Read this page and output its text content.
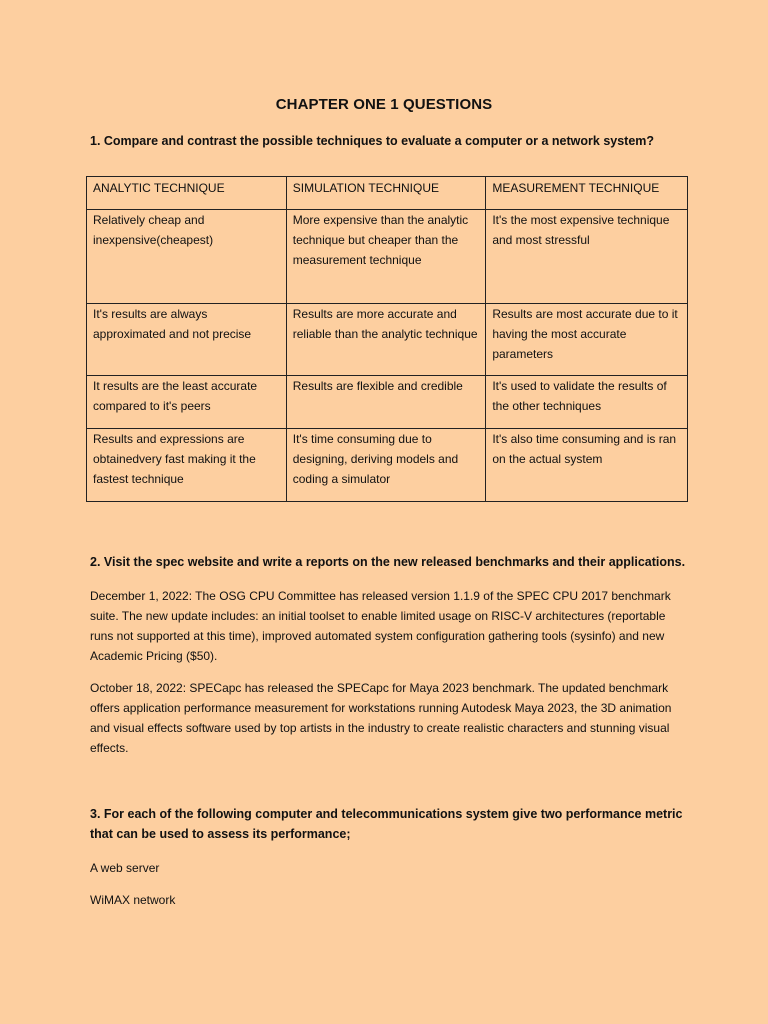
CHAPTER ONE 1 QUESTIONS
1. Compare and contrast the possible techniques to evaluate a computer or a network system?
ANALYTIC TECHNIQUE	SIMULATION TECHNIQUE	MEASUREMENT TECHNIQUE
Relatively cheap and inexpensive(cheapest)	More expensive than the analytic technique but cheaper than the measurement technique	It's the most expensive technique and most stressful
It's results are always approximated and not precise	Results are more accurate and reliable than the analytic technique	Results are most accurate due to it having the most accurate parameters
It results are the least accurate compared to it's peers	Results are flexible and credible	It's used to validate the results of the other techniques
Results and expressions are obtainedvery fast making it the fastest technique	It's time consuming due to designing, deriving models and coding a simulator	It's also time consuming and is ran on the actual system
2. Visit the spec website and write a reports on the new released benchmarks and their applications.
December 1, 2022: The OSG CPU Committee has released version 1.1.9 of the SPEC CPU 2017 benchmark suite. The new update includes: an initial toolset to enable limited usage on RISC-V architectures (reportable runs not supported at this time), improved automated system configuration gathering tools (sysinfo) and new Academic Pricing ($50).
October 18, 2022: SPECapc has released the SPECapc for Maya 2023 benchmark. The updated benchmark offers application performance measurement for workstations running Autodesk Maya 2023, the 3D animation and visual effects software used by top artists in the industry to create realistic characters and stunning visual effects.
3. For each of the following computer and telecommunications system give two performance metric that can be used to assess its performance;
A web server
WiMAX network
